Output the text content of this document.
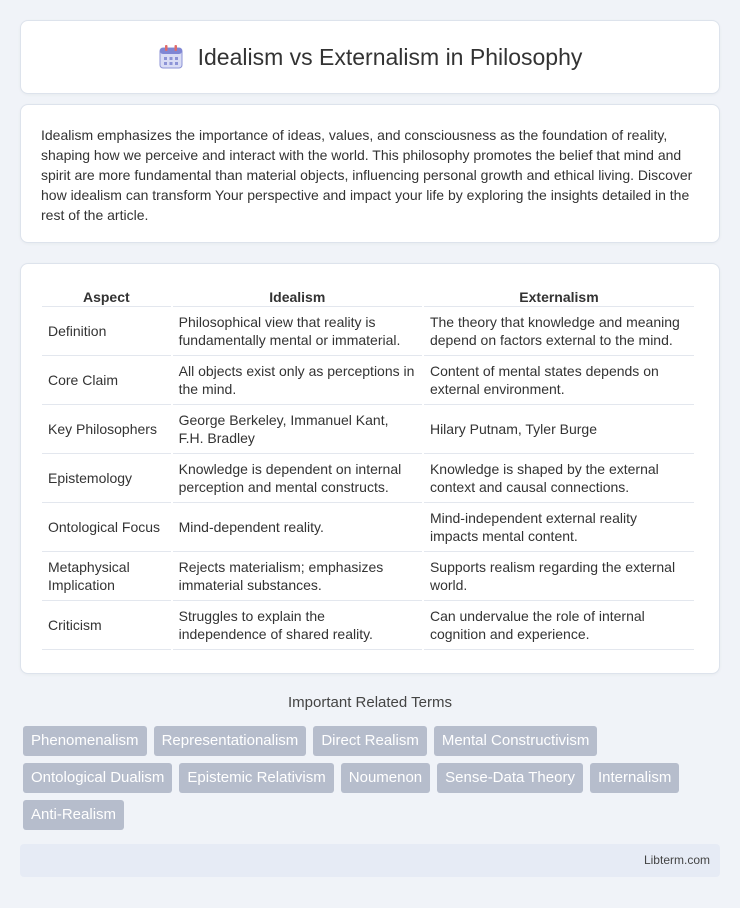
Idealism vs Externalism in Philosophy

Idealism emphasizes the importance of ideas, values, and consciousness as the foundation of reality, shaping how we perceive and interact with the world. This philosophy promotes the belief that mind and spirit are more fundamental than material objects, influencing personal growth and ethical living. Discover how idealism can transform Your perspective and impact your life by exploring the insights detailed in the rest of the article.

Aspect	Idealism	Externalism
Definition	Philosophical view that reality is fundamentally mental or immaterial.	The theory that knowledge and meaning depend on factors external to the mind.
Core Claim	All objects exist only as perceptions in the mind.	Content of mental states depends on external environment.
Key Philosophers	George Berkeley, Immanuel Kant, F.H. Bradley	Hilary Putnam, Tyler Burge
Epistemology	Knowledge is dependent on internal perception and mental constructs.	Knowledge is shaped by the external context and causal connections.
Ontological Focus	Mind-dependent reality.	Mind-independent external reality impacts mental content.
Metaphysical Implication	Rejects materialism; emphasizes immaterial substances.	Supports realism regarding the external world.
Criticism	Struggles to explain the independence of shared reality.	Can undervalue the role of internal cognition and experience.
Important Related Terms
Phenomenalism	Representationalism	Direct Realism	Mental Constructivism
Ontological Dualism	Epistemic Relativism	Noumenon	Sense-Data Theory	Internalism
Anti-Realism
Libterm.com
